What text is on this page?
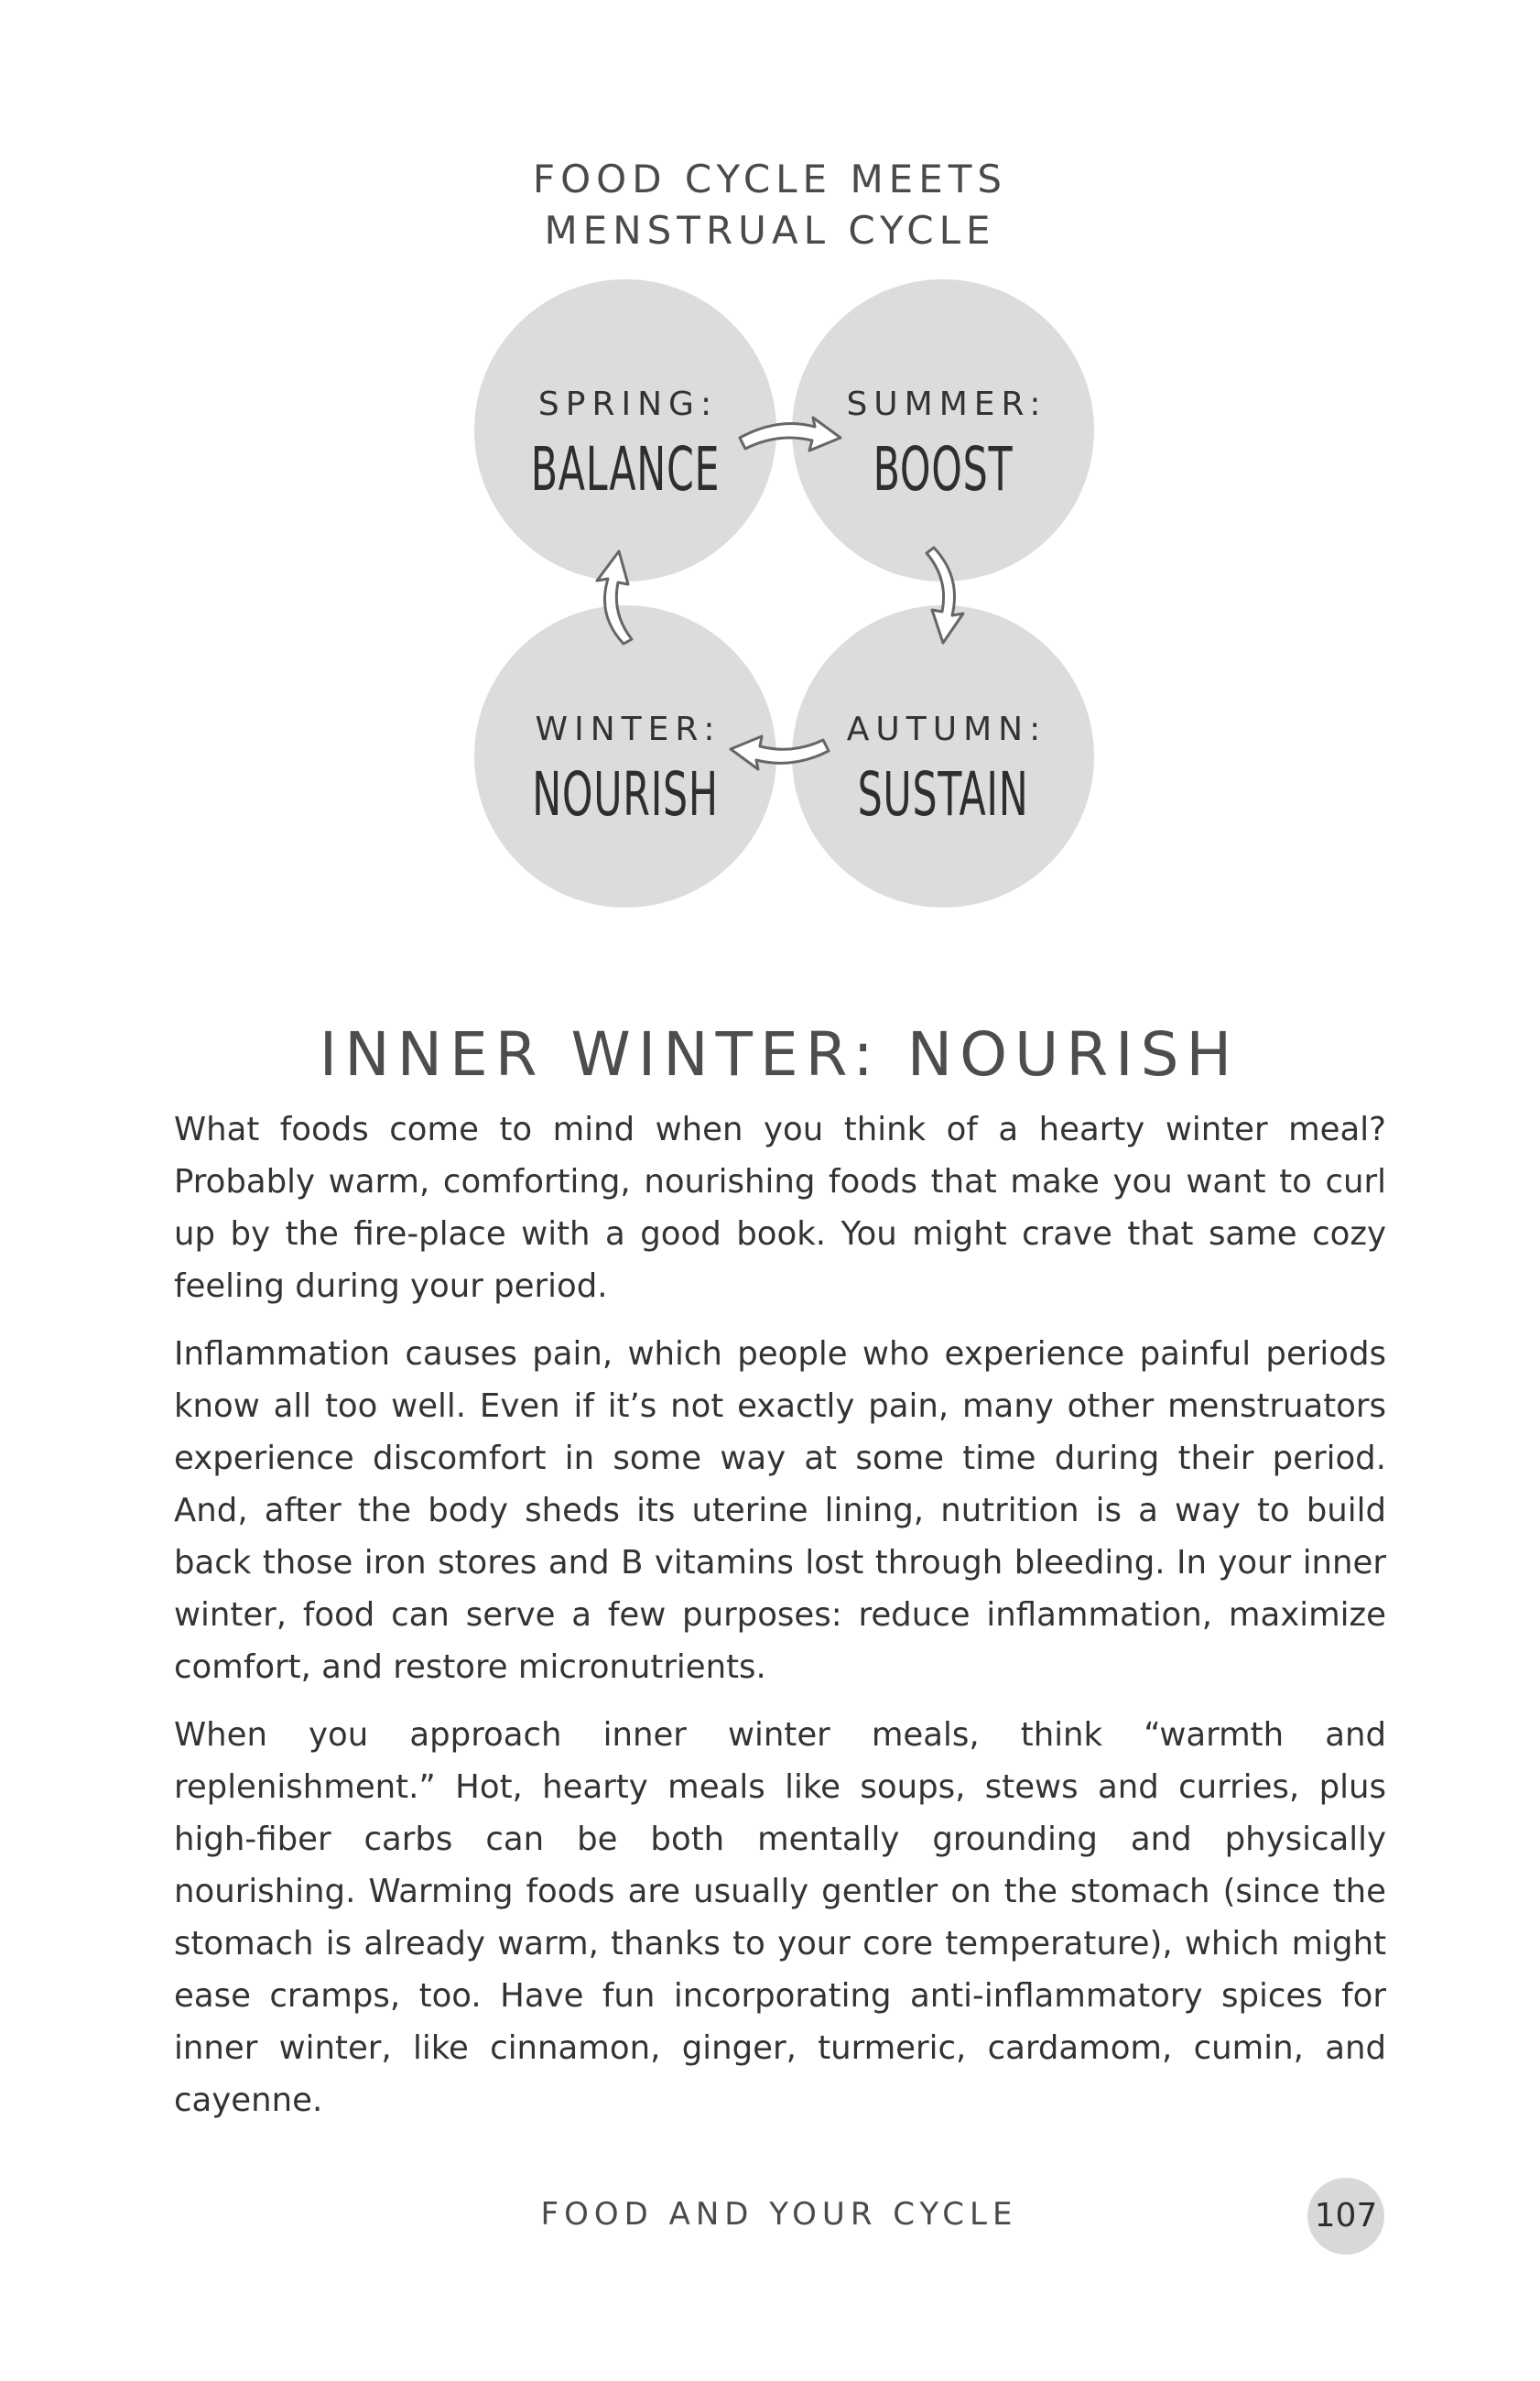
FOOD CYCLE MEETS
MENSTRUAL CYCLE
SPRING:
BALANCE
SUMMER:
BOOST
WINTER:
NOURISH
AUTUMN:
SUSTAIN
INNER WINTER: NOURISH

What foods come to mind when you think of a hearty winter meal? Probably warm, comforting, nourishing foods that make you want to curl up by the fire-place with a good book. You might crave that same cozy feeling during your period.

Inflammation causes pain, which people who experience painful periods know all too well. Even if it’s not exactly pain, many other menstruators experience discomfort in some way at some time during their period. And, after the body sheds its uterine lining, nutrition is a way to build back those iron stores and B vitamins lost through bleeding. In your inner winter, food can serve a few purposes: reduce inflammation, maximize comfort, and restore micronutrients.

When you approach inner winter meals, think “warmth and replenishment.” Hot, hearty meals like soups, stews and curries, plus high-fiber carbs can be both mentally grounding and physically nourishing. Warming foods are usually gentler on the stomach (since the stomach is already warm, thanks to your core temperature), which might ease cramps, too. Have fun incorporating anti-inflammatory spices for inner winter, like cinnamon, ginger, turmeric, cardamom, cumin, and cayenne.

FOOD AND YOUR CYCLE	107
